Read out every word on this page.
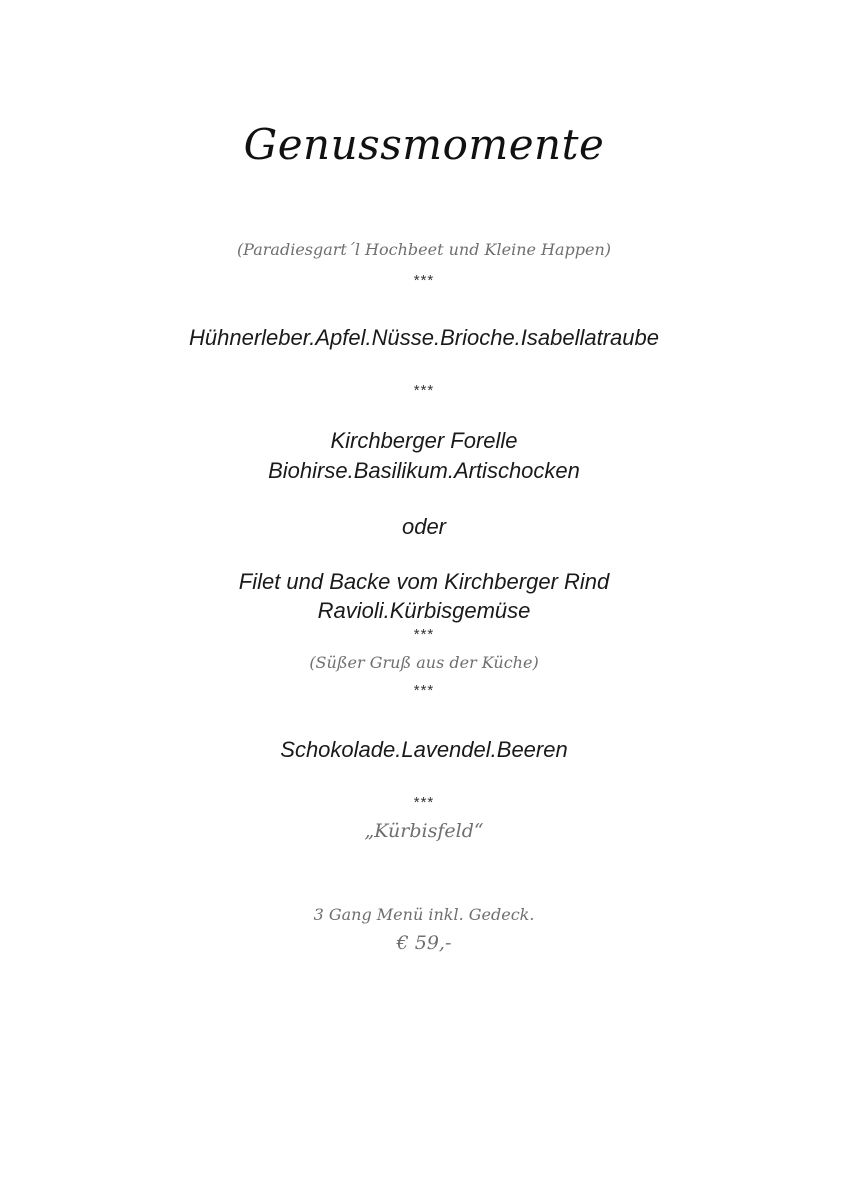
Genussmomente
(Paradiesgart´l Hochbeet und Kleine Happen)
***
Hühnerleber.Apfel.Nüsse.Brioche.Isabellatraube
***
Kirchberger Forelle
Biohirse.Basilikum.Artischocken
oder
Filet und Backe vom Kirchberger Rind
Ravioli.Kürbisgemüse
***
(Süßer Gruß aus der Küche)
***
Schokolade.Lavendel.Beeren
***
„Kürbisfeld“
3 Gang Menü inkl. Gedeck.
€ 59,-
